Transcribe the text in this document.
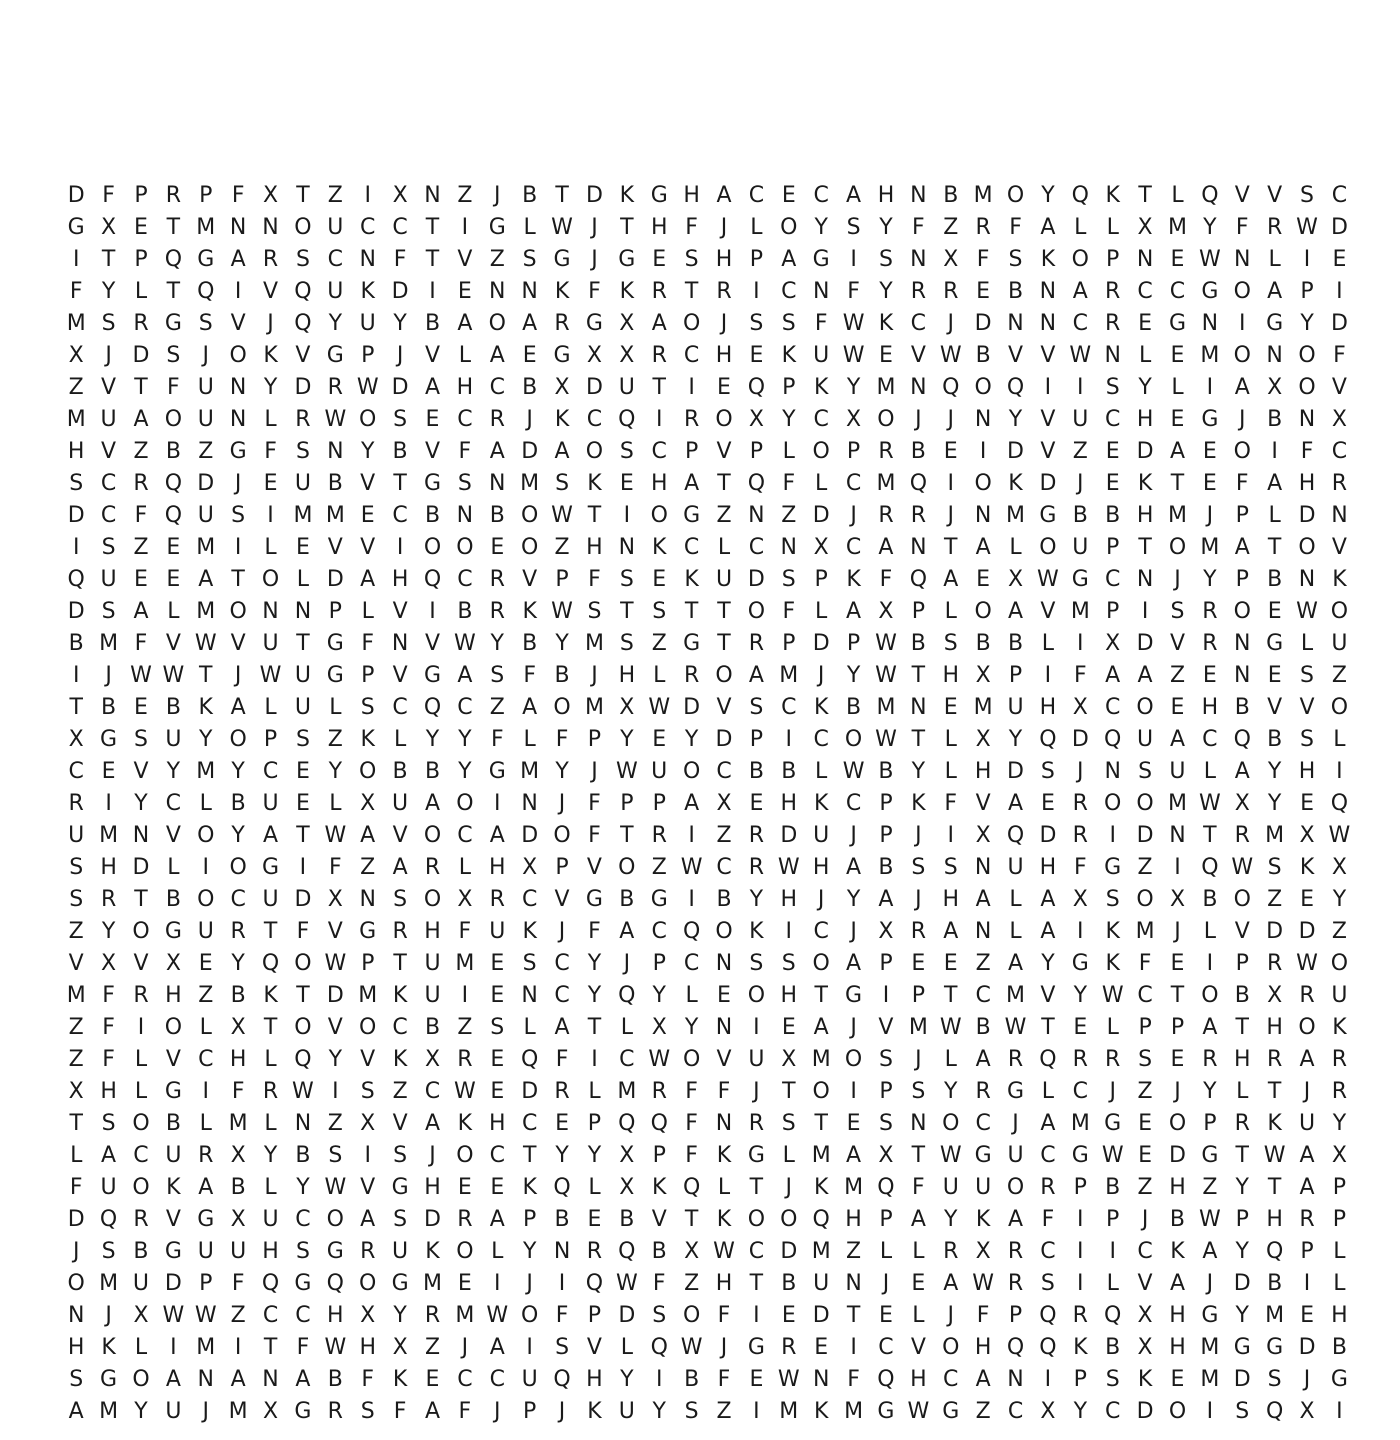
D F P R P F X T Z I X N Z J B T D K G H A C E C A H N B M O Y Q K T L Q V V S C
G X E T M N N O U C C T	I G L W J	T H F	J	L O Y S Y F Z R F A L L X M Y F R W D
I	T P Q G A R S C N F T V Z S G J G E S H P A G I	S N X F S K O P N E W N L	I	E
F Y L T Q I V Q U K D I	E N N K F K R T R I C N F Y R R E B N A R C C G O A P	I
M S R G S V J Q Y U Y B A O A R G X A O J	S S F W K C J D N N C R E G N I G Y D
X J D S	J O K V G P	J V L A E G X X R C H E K U W E V W B V V W N L E M O N O F
Z V T F U N Y D R W D A H C B X D U T	I	E Q P K Y M N Q O Q I	I	S Y L	I A X O V
M U A O U N L R W O S E C R J K C Q I R O X Y C X O J	J N Y V U C H E G J B N X
H V Z B Z G F S N Y B V F A D A O S C P V P L O P R B E	I D V Z E D A E O I	F C
S C R Q D J	E U B V T G S N M S K E H A T Q F L C M Q I O K D J	E K T E F A H R
D C F Q U S	I M M E C B N B O W T	I O G Z N Z D J R R J N M G B B H M J	P L D N
I	S Z E M I	L E V V I O O E O Z H N K C L C N X C A N T A L O U P T O M A T O V
Q U E E A T O L D A H Q C R V P F S E K U D S P K F Q A E X W G C N J	Y P B N K
D S A L M O N N P L V I B R K W S T S T T O F L A X P L O A V M P	I	S R O E W O
B M F V W V U T G F N V W Y B Y M S Z G T R P D P W B S B B L	I X D V R N G L U
I	J W W T	J W U G P V G A S F B J H L R O A M J	Y W T H X P	I	F A A Z E N E S Z
T B E B K A L U L S C Q C Z A O M X W D V S C K B M N E M U H X C O E H B V V O
X G S U Y O P S Z K L Y Y F L F P Y E Y D P	I C O W T L X Y Q D Q U A C Q B S L
C E V Y M Y C E Y O B B Y G M Y	J W U O C B B L W B Y L H D S	J N S U L A Y H I
R I	Y C L B U E L X U A O I N J	F P P A X E H K C P K F V A E R O O M W X Y E Q
U M N V O Y A T W A V O C A D O F T R I Z R D U J	P	J	I X Q D R I D N T R M X W
S H D L	I O G I	F Z A R L H X P V O Z W C R W H A B S S N U H F G Z I Q W S K X
S R T B O C U D X N S O X R C V G B G I B Y H J	Y A J H A L A X S O X B O Z E Y
Z Y O G U R T F V G R H F U K J	F A C Q O K I C J X R A N L A I K M J	L V D D Z
V X V X E Y Q O W P T U M E S C Y	J	P C N S S O A P E E Z A Y G K F E	I	P R W O
M F R H Z B K T D M K U I	E N C Y Q Y L E O H T G I	P T C M V Y W C T O B X R U
Z F	I O L X T O V O C B Z S L A T L X Y N I	E A J V M W B W T E L P P A T H O K
Z F L V C H L Q Y V K X R E Q F	I C W O V U X M O S	J	L A R Q R R S E R H R A R
X H L G I	F R W I	S Z C W E D R L M R F F	J	T O I	P S Y R G L C J Z J	Y L T	J R
T S O B L M L N Z X V A K H C E P Q Q F N R S T E S N O C J A M G E O P R K U Y
L A C U R X Y B S	I	S	J O C T Y Y X P F K G L M A X T W G U C G W E D G T W A X
F U O K A B L Y W V G H E E K Q L X K Q L T	J K M Q F U U O R P B Z H Z Y T A P
D Q R V G X U C O A S D R A P B E B V T K O O Q H P A Y K A F	I	P	J B W P H R P
J	S B G U U H S G R U K O L Y N R Q B X W C D M Z L L R X R C I	I C K A Y Q P L
O M U D P F Q G Q O G M E	I	J	I Q W F Z H T B U N J	E A W R S	I	L V A J D B I	L
N J X W W Z C C H X Y R M W O F P D S O F	I	E D T E L	J	F P Q R Q X H G Y M E H
H K L	I M I	T F W H X Z J A I	S V L Q W J G R E	I C V O H Q Q K B X H M G G D B
S G O A N A N A B F K E C C U Q H Y	I B F E W N F Q H C A N I	P S K E M D S	J G
A M Y U J M X G R S F A F	J	P	J K U Y S Z I M K M G W G Z C X Y C D O I	S Q X I
